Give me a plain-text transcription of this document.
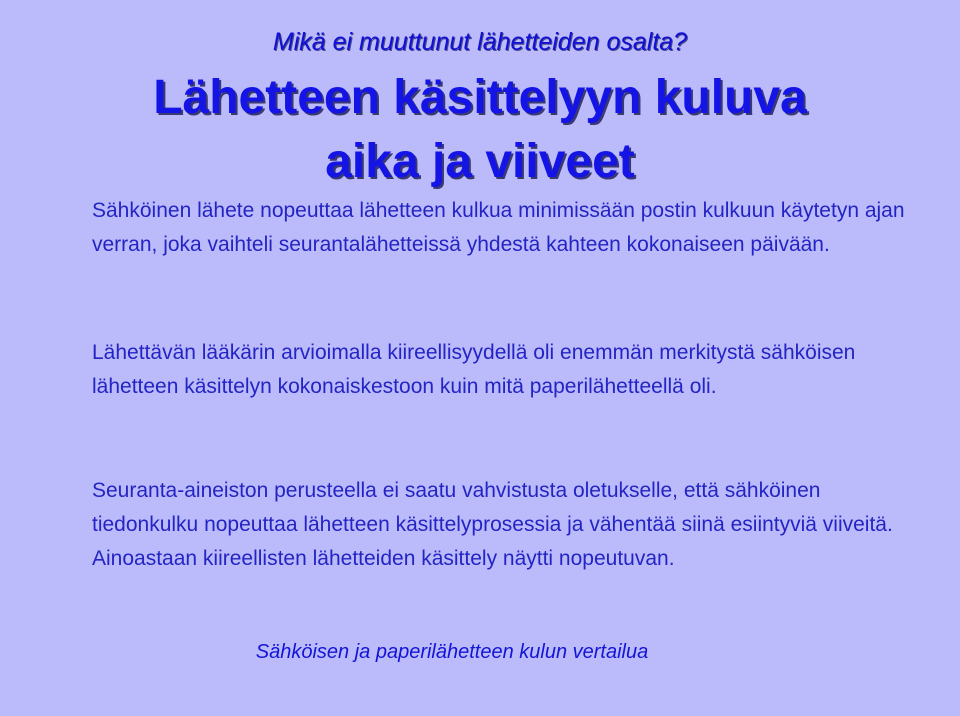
Mikä ei muuttunut lähetteiden osalta?
Lähetteen käsittelyyn kuluva
aika ja viiveet

Sähköinen lähete nopeuttaa lähetteen kulkua minimissään postin kulkuun käytetyn ajan verran, joka vaihteli seurantalähetteissä yhdestä kahteen kokonaiseen päivään.

Lähettävän lääkärin arvioimalla kiireellisyydellä oli enemmän merkitystä sähköisen lähetteen käsittelyn kokonaiskestoon kuin mitä paperilähetteellä oli.

Seuranta-aineiston perusteella ei saatu vahvistusta oletukselle, että sähköinen tiedonkulku nopeuttaa lähetteen käsittelyprosessia ja vähentää siinä esiintyviä viiveitä. Ainoastaan kiireellisten lähetteiden käsittely näytti nopeutuvan.

Sähköisen ja paperilähetteen kulun vertailua
